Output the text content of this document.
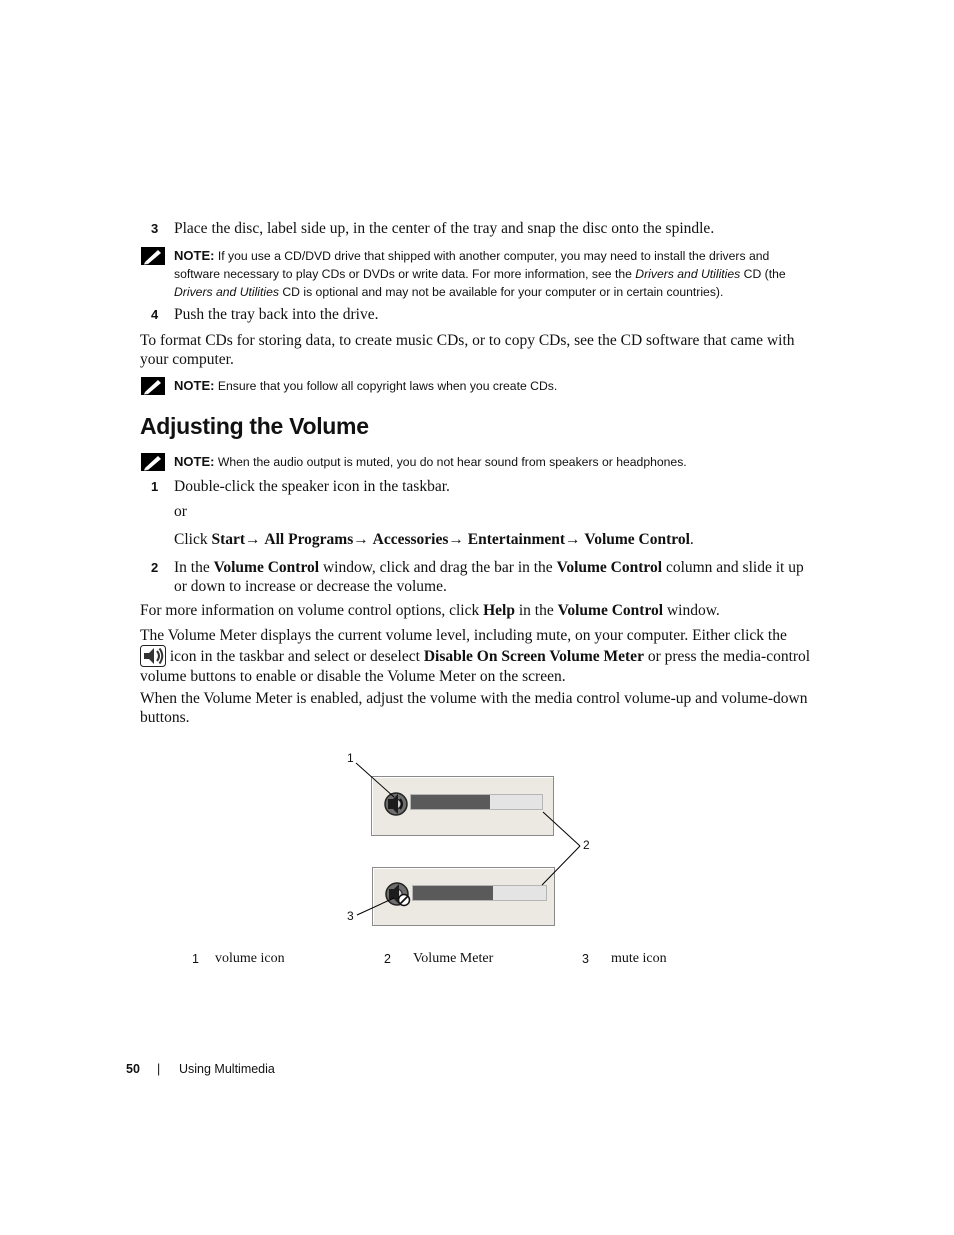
3 Place the disc, label side up, in the center of the tray and snap the disc onto the spindle.
NOTE: If you use a CD/DVD drive that shipped with another computer, you may need to install the drivers and software necessary to play CDs or DVDs or write data. For more information, see the Drivers and Utilities CD (the Drivers and Utilities CD is optional and may not be available for your computer or in certain countries).
4 Push the tray back into the drive.
To format CDs for storing data, to create music CDs, or to copy CDs, see the CD software that came with your computer.
NOTE: Ensure that you follow all copyright laws when you create CDs.
Adjusting the Volume
NOTE: When the audio output is muted, you do not hear sound from speakers or headphones.
1 Double-click the speaker icon in the taskbar.
or
Click Start→ All Programs→ Accessories→ Entertainment→ Volume Control.
2 In the Volume Control window, click and drag the bar in the Volume Control column and slide it up or down to increase or decrease the volume.
For more information on volume control options, click Help in the Volume Control window.
The Volume Meter displays the current volume level, including mute, on your computer. Either click the
icon in the taskbar and select or deselect Disable On Screen Volume Meter or press the media-control volume buttons to enable or disable the Volume Meter on the screen.
When the Volume Meter is enabled, adjust the volume with the media control volume-up and volume-down buttons.
1
2
3
1 volume icon	2 Volume Meter	3 mute icon
50 | Using Multimedia
